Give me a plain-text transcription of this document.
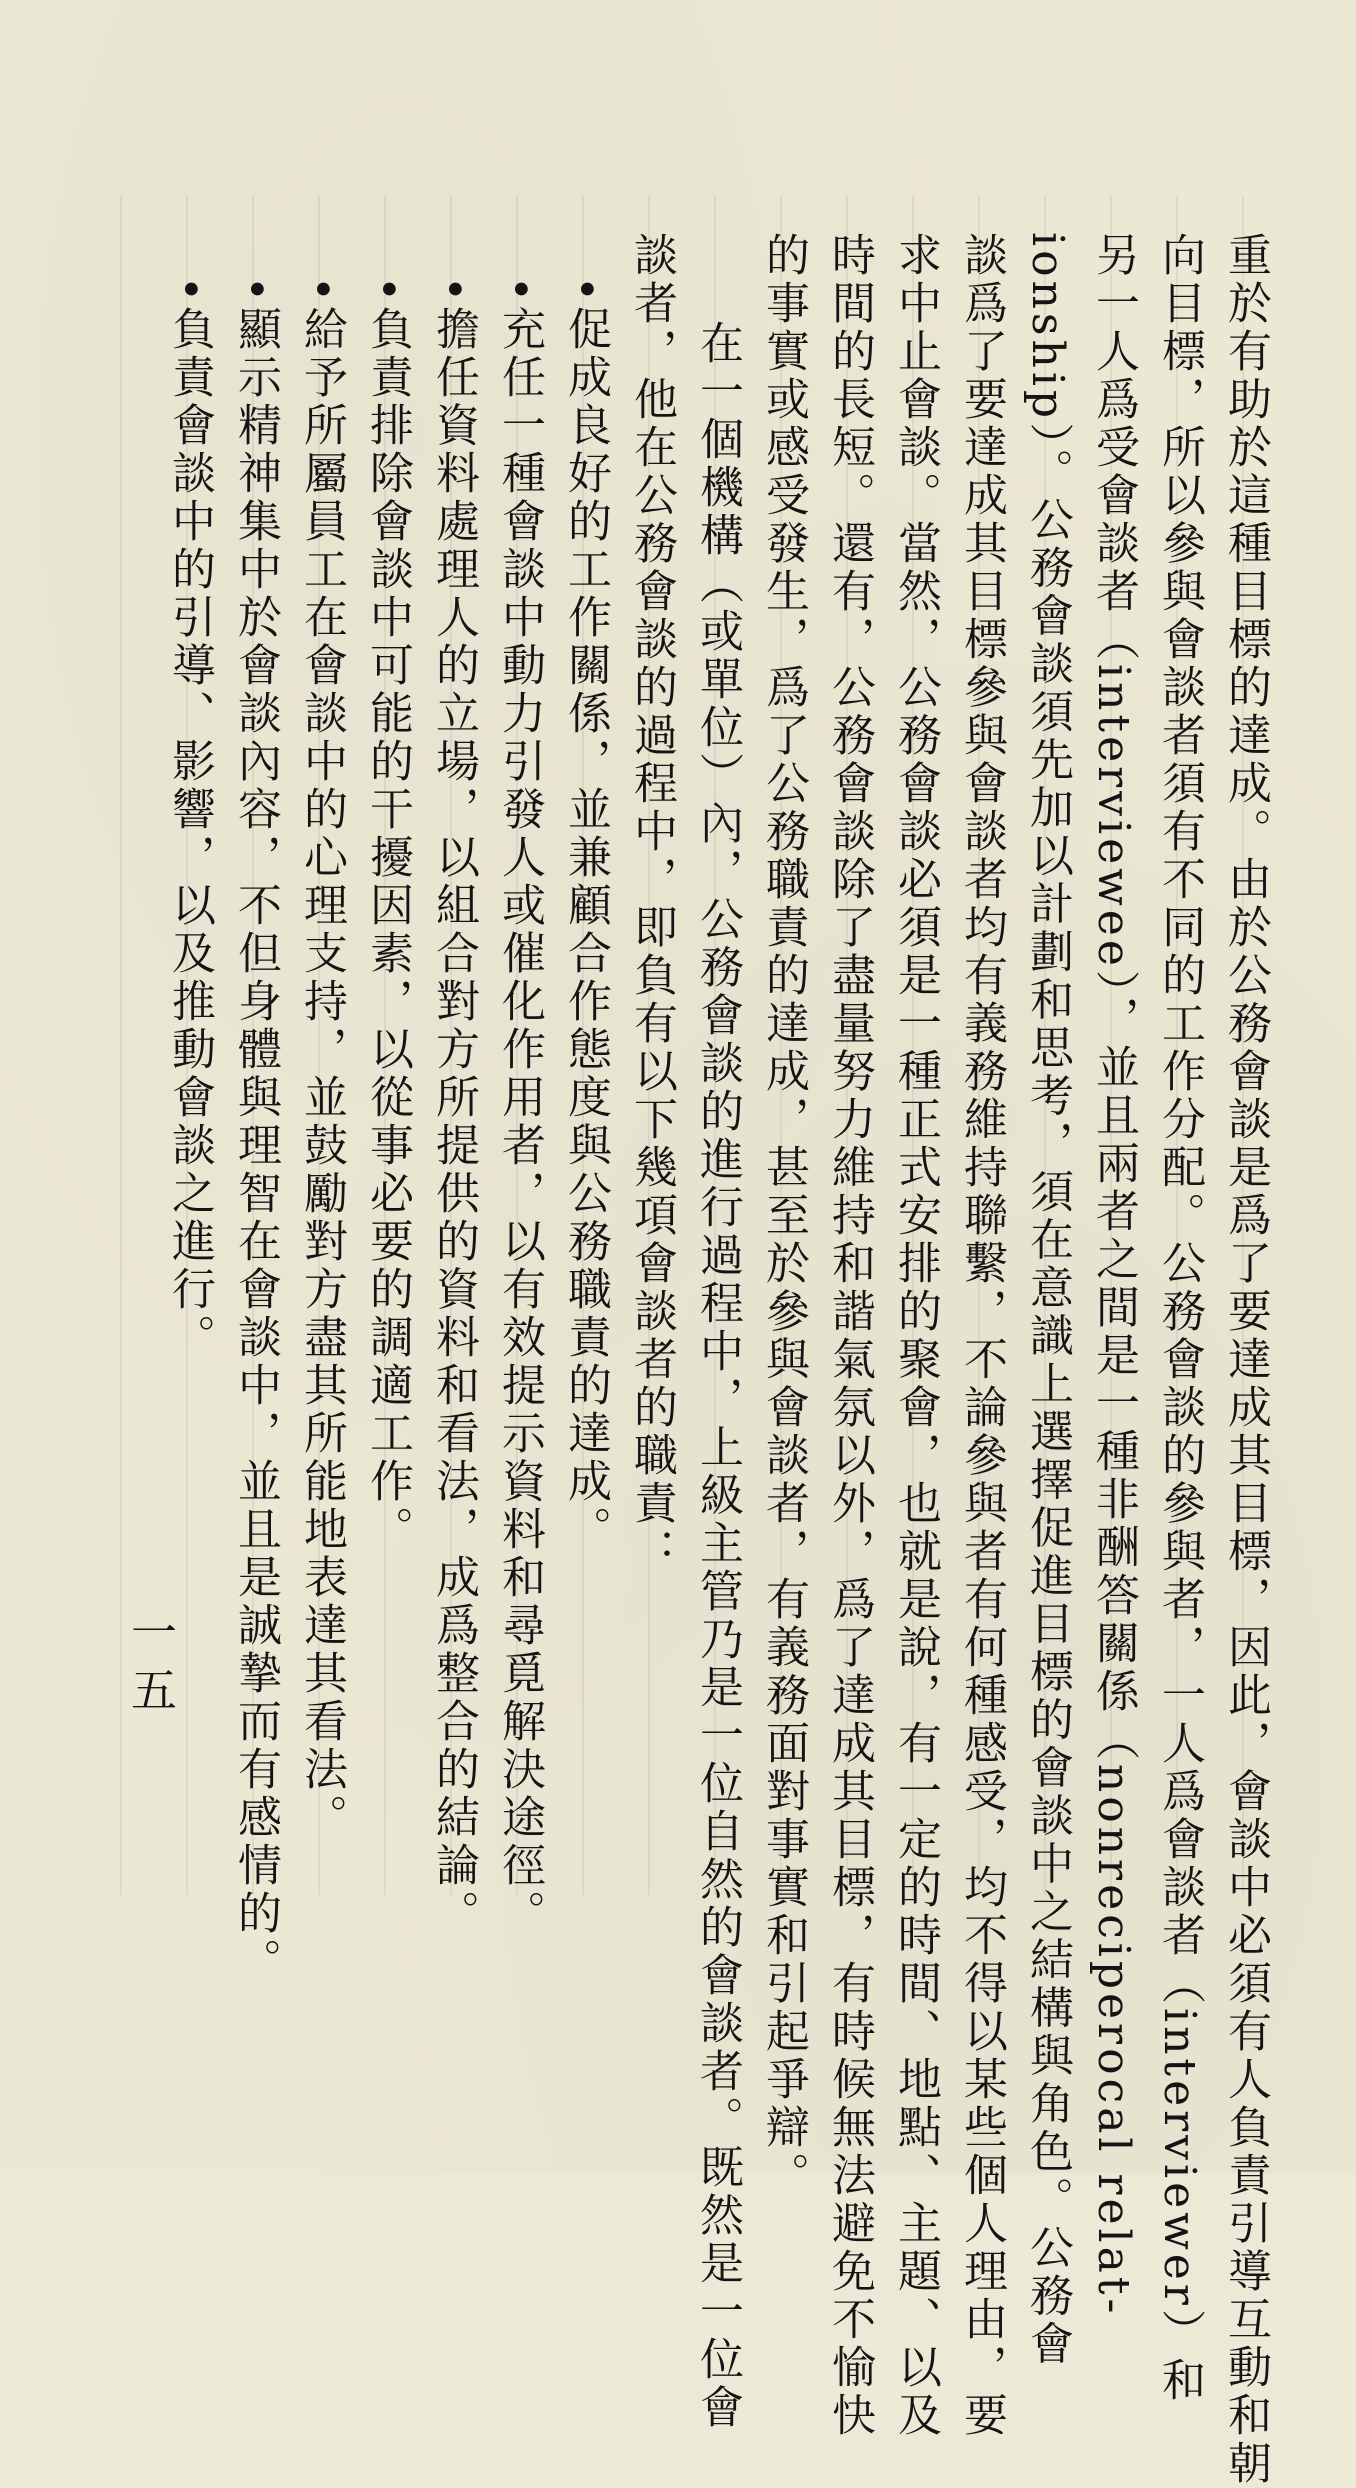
重於有助於這種目標的達成。由於公務會談是爲了要達成其目標，因此，會談中必須有人負責引導互動和朝
向目標，所以參與會談者須有不同的工作分配。公務會談的參與者，一人爲會談者（interviewer）和
另一人爲受會談者（interviewee），並且兩者之間是一種非酬答關係（nonreciperocal relat-
ionship）。公務會談須先加以計劃和思考，須在意識上選擇促進目標的會談中之結構與角色。公務會
談爲了要達成其目標參與會談者均有義務維持聯繫，不論參與者有何種感受，均不得以某些個人理由，要
求中止會談。當然，公務會談必須是一種正式安排的聚會，也就是說，有一定的時間、地點、主題、以及
時間的長短。還有，公務會談除了盡量努力維持和諧氣氛以外，爲了達成其目標，有時候無法避免不愉快
的事實或感受發生，爲了公務職責的達成，甚至於參與會談者，有義務面對事實和引起爭辯。
在一個機構（或單位）內，公務會談的進行過程中，上級主管乃是一位自然的會談者。既然是一位會
談者，他在公務會談的過程中，即負有以下幾項會談者的職責：
•促成良好的工作關係，並兼顧合作態度與公務職責的達成。
•充任一種會談中動力引發人或催化作用者，以有效提示資料和尋覓解決途徑。
•擔任資料處理人的立場，以組合對方所提供的資料和看法，成爲整合的結論。
•負責排除會談中可能的干擾因素，以從事必要的調適工作。
•給予所屬員工在會談中的心理支持，並鼓勵對方盡其所能地表達其看法。
•顯示精神集中於會談內容，不但身體與理智在會談中，並且是誠摯而有感情的。
•負責會談中的引導、影響，以及推動會談之進行。
一五
